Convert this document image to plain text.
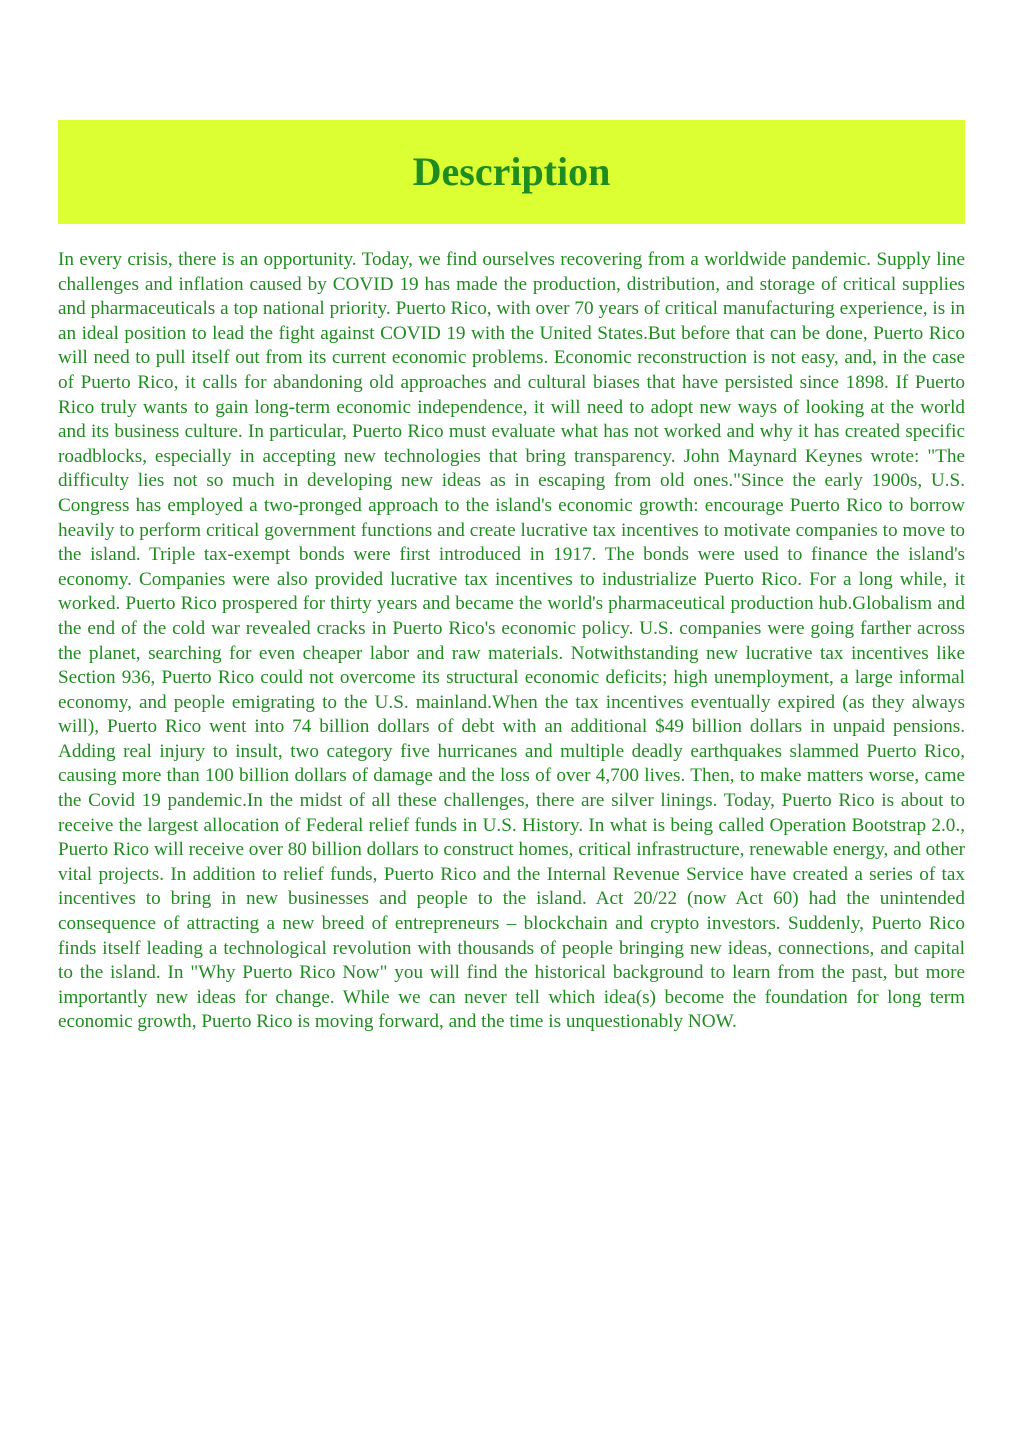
Description

In every crisis, there is an opportunity. Today, we find ourselves recovering from a worldwide pandemic. Supply line challenges and inflation caused by COVID 19 has made the production, distribution, and storage of critical supplies and pharmaceuticals a top national priority. Puerto Rico, with over 70 years of critical manufacturing experience, is in an ideal position to lead the fight against COVID 19 with the United States.But before that can be done, Puerto Rico will need to pull itself out from its current economic problems. Economic reconstruction is not easy, and, in the case of Puerto Rico, it calls for abandoning old approaches and cultural biases that have persisted since 1898. If Puerto Rico truly wants to gain long-term economic independence, it will need to adopt new ways of looking at the world and its business culture. In particular, Puerto Rico must evaluate what has not worked and why it has created specific roadblocks, especially in accepting new technologies that bring transparency. John Maynard Keynes wrote: "The difficulty lies not so much in developing new ideas as in escaping from old ones."Since the early 1900s, U.S. Congress has employed a two-pronged approach to the island's economic growth: encourage Puerto Rico to borrow heavily to perform critical government functions and create lucrative tax incentives to motivate companies to move to the island. Triple tax-exempt bonds were first introduced in 1917. The bonds were used to finance the island's economy. Companies were also provided lucrative tax incentives to industrialize Puerto Rico. For a long while, it worked. Puerto Rico prospered for thirty years and became the world's pharmaceutical production hub.Globalism and the end of the cold war revealed cracks in Puerto Rico's economic policy. U.S. companies were going farther across the planet, searching for even cheaper labor and raw materials. Notwithstanding new lucrative tax incentives like Section 936, Puerto Rico could not overcome its structural economic deficits; high unemployment, a large informal economy, and people emigrating to the U.S. mainland.When the tax incentives eventually expired (as they always will), Puerto Rico went into 74 billion dollars of debt with an additional $49 billion dollars in unpaid pensions. Adding real injury to insult, two category five hurricanes and multiple deadly earthquakes slammed Puerto Rico, causing more than 100 billion dollars of damage and the loss of over 4,700 lives. Then, to make matters worse, came the Covid 19 pandemic.In the midst of all these challenges, there are silver linings. Today, Puerto Rico is about to receive the largest allocation of Federal relief funds in U.S. History. In what is being called Operation Bootstrap 2.0., Puerto Rico will receive over 80 billion dollars to construct homes, critical infrastructure, renewable energy, and other vital projects. In addition to relief funds, Puerto Rico and the Internal Revenue Service have created a series of tax incentives to bring in new businesses and people to the island. Act 20/22 (now Act 60) had the unintended consequence of attracting a new breed of entrepreneurs – blockchain and crypto investors. Suddenly, Puerto Rico finds itself leading a technological revolution with thousands of people bringing new ideas, connections, and capital to the island. In "Why Puerto Rico Now" you will find the historical background to learn from the past, but more importantly new ideas for change. While we can never tell which idea(s) become the foundation for long term economic growth, Puerto Rico is moving forward, and the time is unquestionably NOW.
